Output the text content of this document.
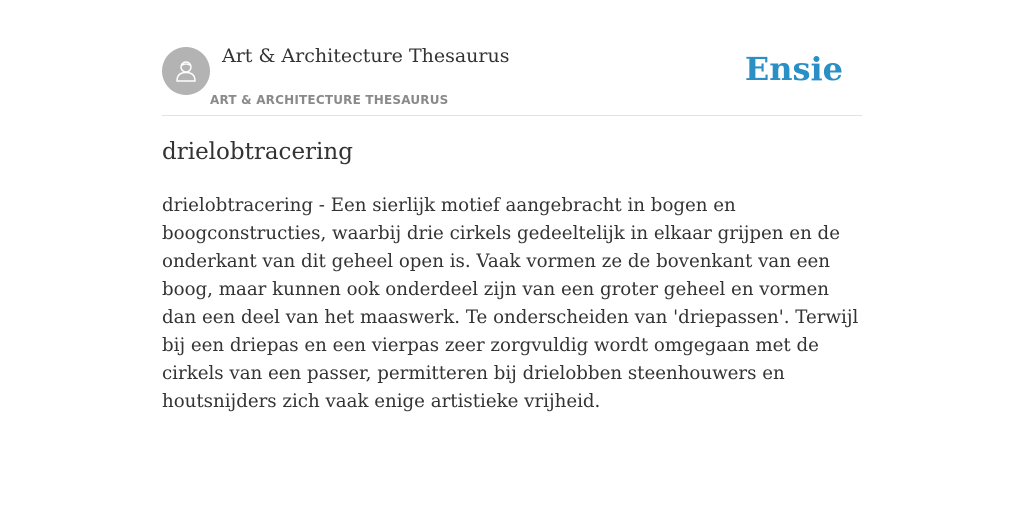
Art & Architecture Thesaurus
ART & ARCHITECTURE THESAURUS
Ensie
drielobtracering

drielobtracering - Een sierlijk motief aangebracht in bogen en boogconstructies, waarbij drie cirkels gedeeltelijk in elkaar grijpen en de onderkant van dit geheel open is. Vaak vormen ze de bovenkant van een boog, maar kunnen ook onderdeel zijn van een groter geheel en vormen dan een deel van het maaswerk. Te onderscheiden van 'driepassen'. Terwijl bij een driepas en een vierpas zeer zorgvuldig wordt omgegaan met de cirkels van een passer, permitteren bij drielobben steenhouwers en houtsnijders zich vaak enige artistieke vrijheid.
